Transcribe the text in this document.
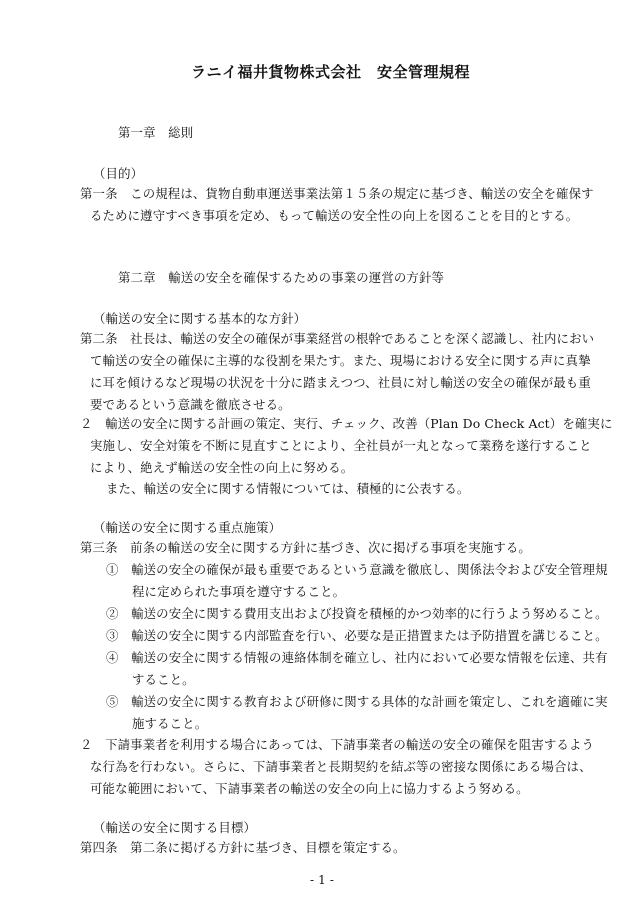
ラニイ福井貨物株式会社　安全管理規程
第一章　総則
（目的）
第一条　この規程は、貨物自動車運送事業法第１５条の規定に基づき、輸送の安全を確保す
るために遵守すべき事項を定め、もって輸送の安全性の向上を図ることを目的とする。
第二章　輸送の安全を確保するための事業の運営の方針等
（輸送の安全に関する基本的な方針）
第二条　社長は、輸送の安全の確保が事業経営の根幹であることを深く認識し、社内におい
て輸送の安全の確保に主導的な役割を果たす。また、現場における安全に関する声に真摯
に耳を傾けるなど現場の状況を十分に踏まえつつ、社員に対し輸送の安全の確保が最も重
要であるという意識を徹底させる。
２　輸送の安全に関する計画の策定、実行、チェック、改善（Plan Do Check Act）を確実に
実施し、安全対策を不断に見直すことにより、全社員が一丸となって業務を遂行すること
により、絶えず輸送の安全性の向上に努める。
また、輸送の安全に関する情報については、積極的に公表する。
（輸送の安全に関する重点施策）
第三条　前条の輸送の安全に関する方針に基づき、次に掲げる事項を実施する。
①　輸送の安全の確保が最も重要であるという意識を徹底し、関係法令および安全管理規
程に定められた事項を遵守すること。
②　輸送の安全に関する費用支出および投資を積極的かつ効率的に行うよう努めること。
③　輸送の安全に関する内部監査を行い、必要な是正措置または予防措置を講じること。
④　輸送の安全に関する情報の連絡体制を確立し、社内において必要な情報を伝達、共有
すること。
⑤　輸送の安全に関する教育および研修に関する具体的な計画を策定し、これを適確に実
施すること。
２　下請事業者を利用する場合にあっては、下請事業者の輸送の安全の確保を阻害するよう
な行為を行わない。さらに、下請事業者と長期契約を結ぶ等の密接な関係にある場合は、
可能な範囲において、下請事業者の輸送の安全の向上に協力するよう努める。
（輸送の安全に関する目標）
第四条　第二条に掲げる方針に基づき、目標を策定する。
- 1 -
